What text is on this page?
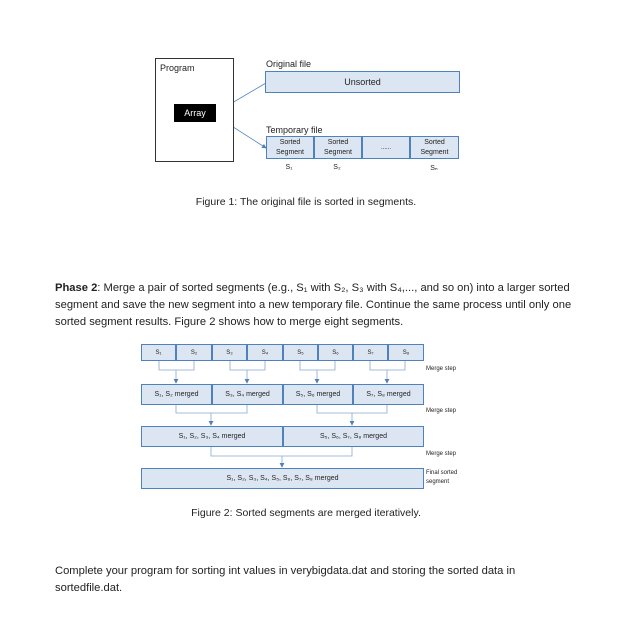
Program
Array
Original file
Unsorted
Temporary file
Sorted Segment
Sorted Segment
......
Sorted Segment
S₁	S₂	Sₙ
Figure 1: The original file is sorted in segments.
Phase 2: Merge a pair of sorted segments (e.g., S₁ with S₂, S₃ with S₄,..., and so on) into a larger sorted segment and save the new segment into a new temporary file. Continue the same process until only one sorted segment results. Figure 2 shows how to merge eight segments.
S₁	S₂	S₃	S₄	S₅	S₆	S₇	S₈
Merge step
S₁, S₂ merged	S₃, S₄ merged	S₅, S₆ merged	S₇, S₈ merged
Merge step
S₁, S₂, S₃, S₄ merged	S₅, S₆, S₇, S₈ merged
Merge step
S₁, S₂, S₃, S₄, S₅, S₆, S₇, S₈ merged
Final sorted segment
Figure 2: Sorted segments are merged iteratively.
Complete your program for sorting int values in verybigdata.dat and storing the sorted data in sortedfile.dat.
